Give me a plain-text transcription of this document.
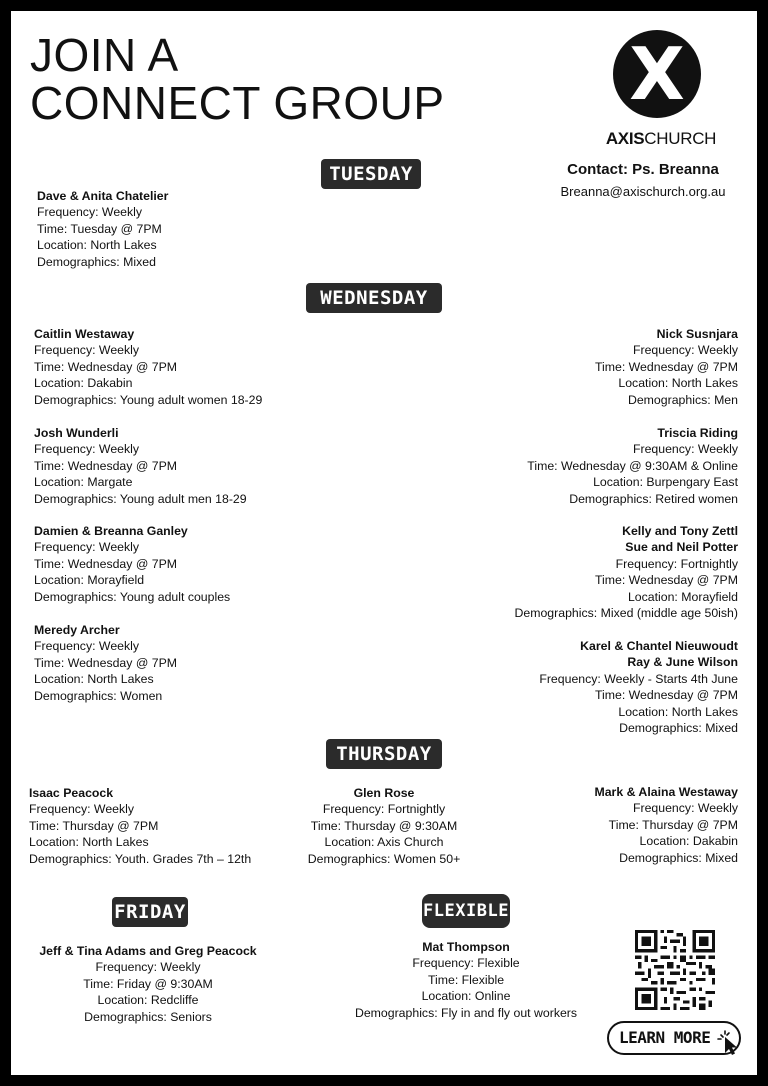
JOIN A
CONNECT GROUP	X
AXISCHURCH
Contact: Ps. Breanna
Breanna@axischurch.org.au
TUESDAY
Dave & Anita Chatelier
Frequency: Weekly
Time: Tuesday @ 7PM
Location: North Lakes
Demographics: Mixed
WEDNESDAY
Caitlin Westaway
Frequency: Weekly
Time: Wednesday @ 7PM
Location: Dakabin
Demographics: Young adult women 18-29
Josh Wunderli
Frequency: Weekly
Time: Wednesday @ 7PM
Location: Margate
Demographics: Young adult men 18-29
Damien & Breanna Ganley
Frequency: Weekly
Time: Wednesday @ 7PM
Location: Morayfield
Demographics: Young adult couples
Meredy Archer
Frequency: Weekly
Time: Wednesday @ 7PM
Location: North Lakes
Demographics: Women
Nick Susnjara
Frequency: Weekly
Time: Wednesday @ 7PM
Location: North Lakes
Demographics: Men
Triscia Riding
Frequency: Weekly
Time: Wednesday @ 9:30AM & Online
Location: Burpengary East
Demographics: Retired women
Kelly and Tony Zettl
Sue and Neil Potter
Frequency: Fortnightly
Time: Wednesday @ 7PM
Location: Morayfield
Demographics: Mixed (middle age 50ish)
Karel & Chantel Nieuwoudt
Ray & June Wilson
Frequency: Weekly - Starts 4th June
Time: Wednesday @ 7PM
Location: North Lakes
Demographics: Mixed
THURSDAY
Isaac Peacock
Frequency: Weekly
Time: Thursday @ 7PM
Location: North Lakes
Demographics: Youth. Grades 7th – 12th
Glen Rose
Frequency: Fortnightly
Time: Thursday @ 9:30AM
Location: Axis Church
Demographics: Women 50+
Mark & Alaina Westaway
Frequency: Weekly
Time: Thursday @ 7PM
Location: Dakabin
Demographics: Mixed
FRIDAY
Jeff & Tina Adams and Greg Peacock
Frequency: Weekly
Time: Friday @ 9:30AM
Location: Redcliffe
Demographics: Seniors
FLEXIBLE
Mat Thompson
Frequency: Flexible
Time: Flexible
Location: Online
Demographics: Fly in and fly out workers
LEARN MORE
